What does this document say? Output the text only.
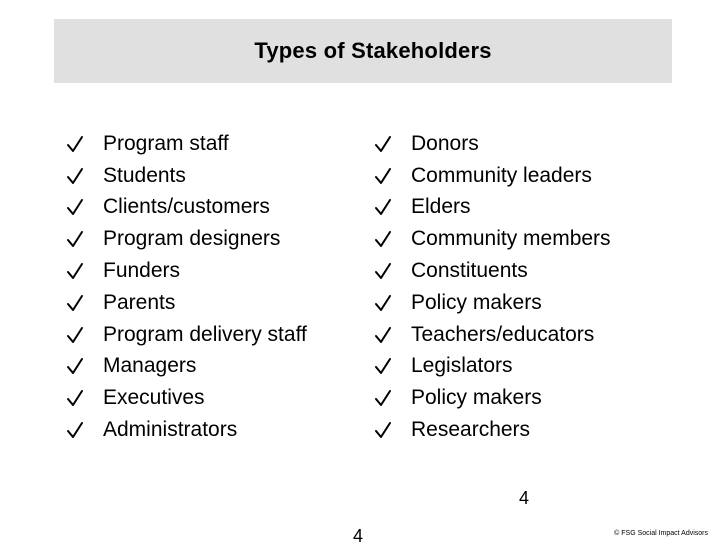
Types of Stakeholders
Program staff
Students
Clients/customers
Program designers
Funders
Parents
Program delivery staff
Managers
Executives
Administrators
Donors
Community leaders
Elders
Community members
Constituents
Policy makers
Teachers/educators
Legislators
Policy makers
Researchers
4
4	© FSG Social Impact Advisors
